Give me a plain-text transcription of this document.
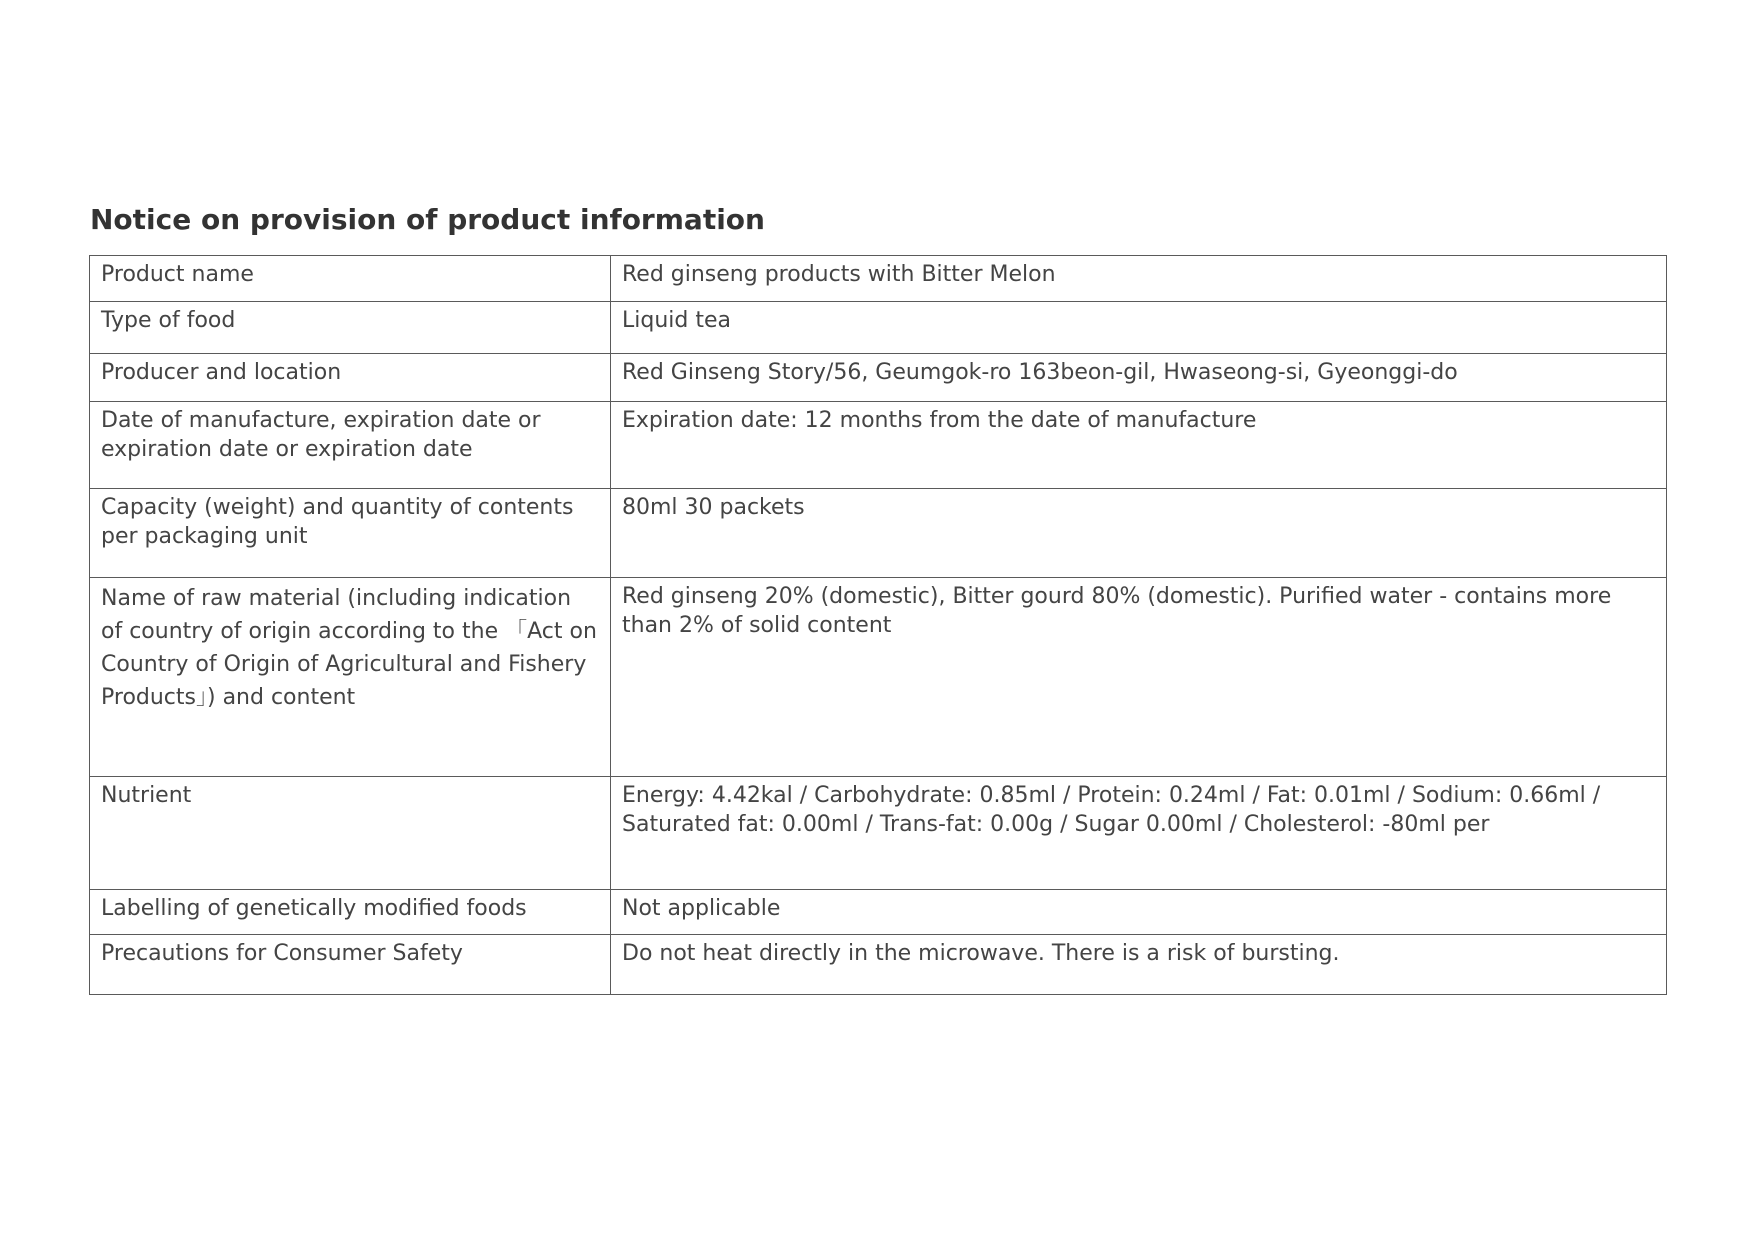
Notice on provision of product information
Product name	Red ginseng products with Bitter Melon
Type of food	Liquid tea
Producer and location	Red Ginseng Story/56, Geumgok-ro 163beon-gil, Hwaseong-si, Gyeonggi-do
Date of manufacture, expiration date or expiration date or expiration date	Expiration date: 12 months from the date of manufacture
Capacity (weight) and quantity of contents per packaging unit	80ml 30 packets
Name of raw material (including indication of country of origin according to the 「Act on Country of Origin of Agricultural and Fishery Products」) and content	Red ginseng 20% (domestic), Bitter gourd 80% (domestic). Purified water - contains more than 2% of solid content
Nutrient	Energy: 4.42kal / Carbohydrate: 0.85ml / Protein: 0.24ml / Fat: 0.01ml / Sodium: 0.66ml / Saturated fat: 0.00ml / Trans-fat: 0.00g / Sugar 0.00ml / Cholesterol: -80ml per
Labelling of genetically modified foods	Not applicable
Precautions for Consumer Safety	Do not heat directly in the microwave. There is a risk of bursting.
